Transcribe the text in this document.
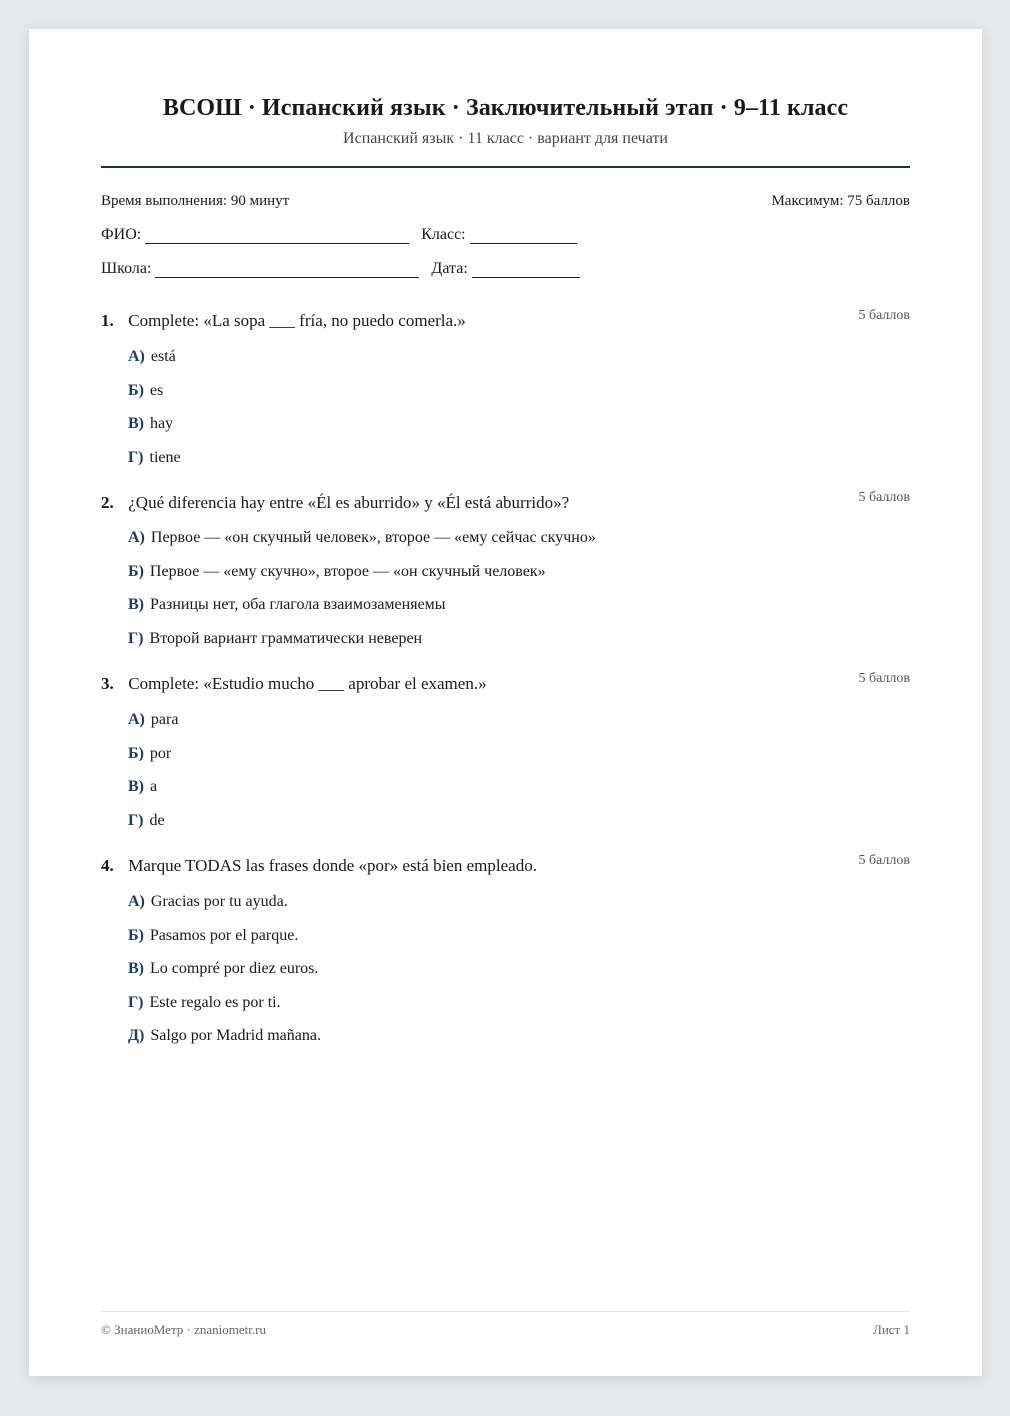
ВСОШ · Испанский язык · Заключительный этап · 9–11 класс
Испанский язык · 11 класс · вариант для печати
Время выполнения: 90 минут	Максимум: 75 баллов
ФИО:	Класс:
Школа:	Дата:
1. Complete: «La sopa ___ fría, no puedo comerla.»	5 баллов
А) está
Б) es
В) hay
Г) tiene
2. ¿Qué diferencia hay entre «Él es aburrido» y «Él está aburrido»?	5 баллов
А) Первое — «он скучный человек», второе — «ему сейчас скучно»
Б) Первое — «ему скучно», второе — «он скучный человек»
В) Разницы нет, оба глагола взаимозаменяемы
Г) Второй вариант грамматически неверен
3. Complete: «Estudio mucho ___ aprobar el examen.»	5 баллов
А) para
Б) por
В) a
Г) de
4. Marque TODAS las frases donde «por» está bien empleado.	5 баллов
А) Gracias por tu ayuda.
Б) Pasamos por el parque.
В) Lo compré por diez euros.
Г) Este regalo es por ti.
Д) Salgo por Madrid mañana.
© ЗнаниоМетр · znaniometr.ru	Лист 1
